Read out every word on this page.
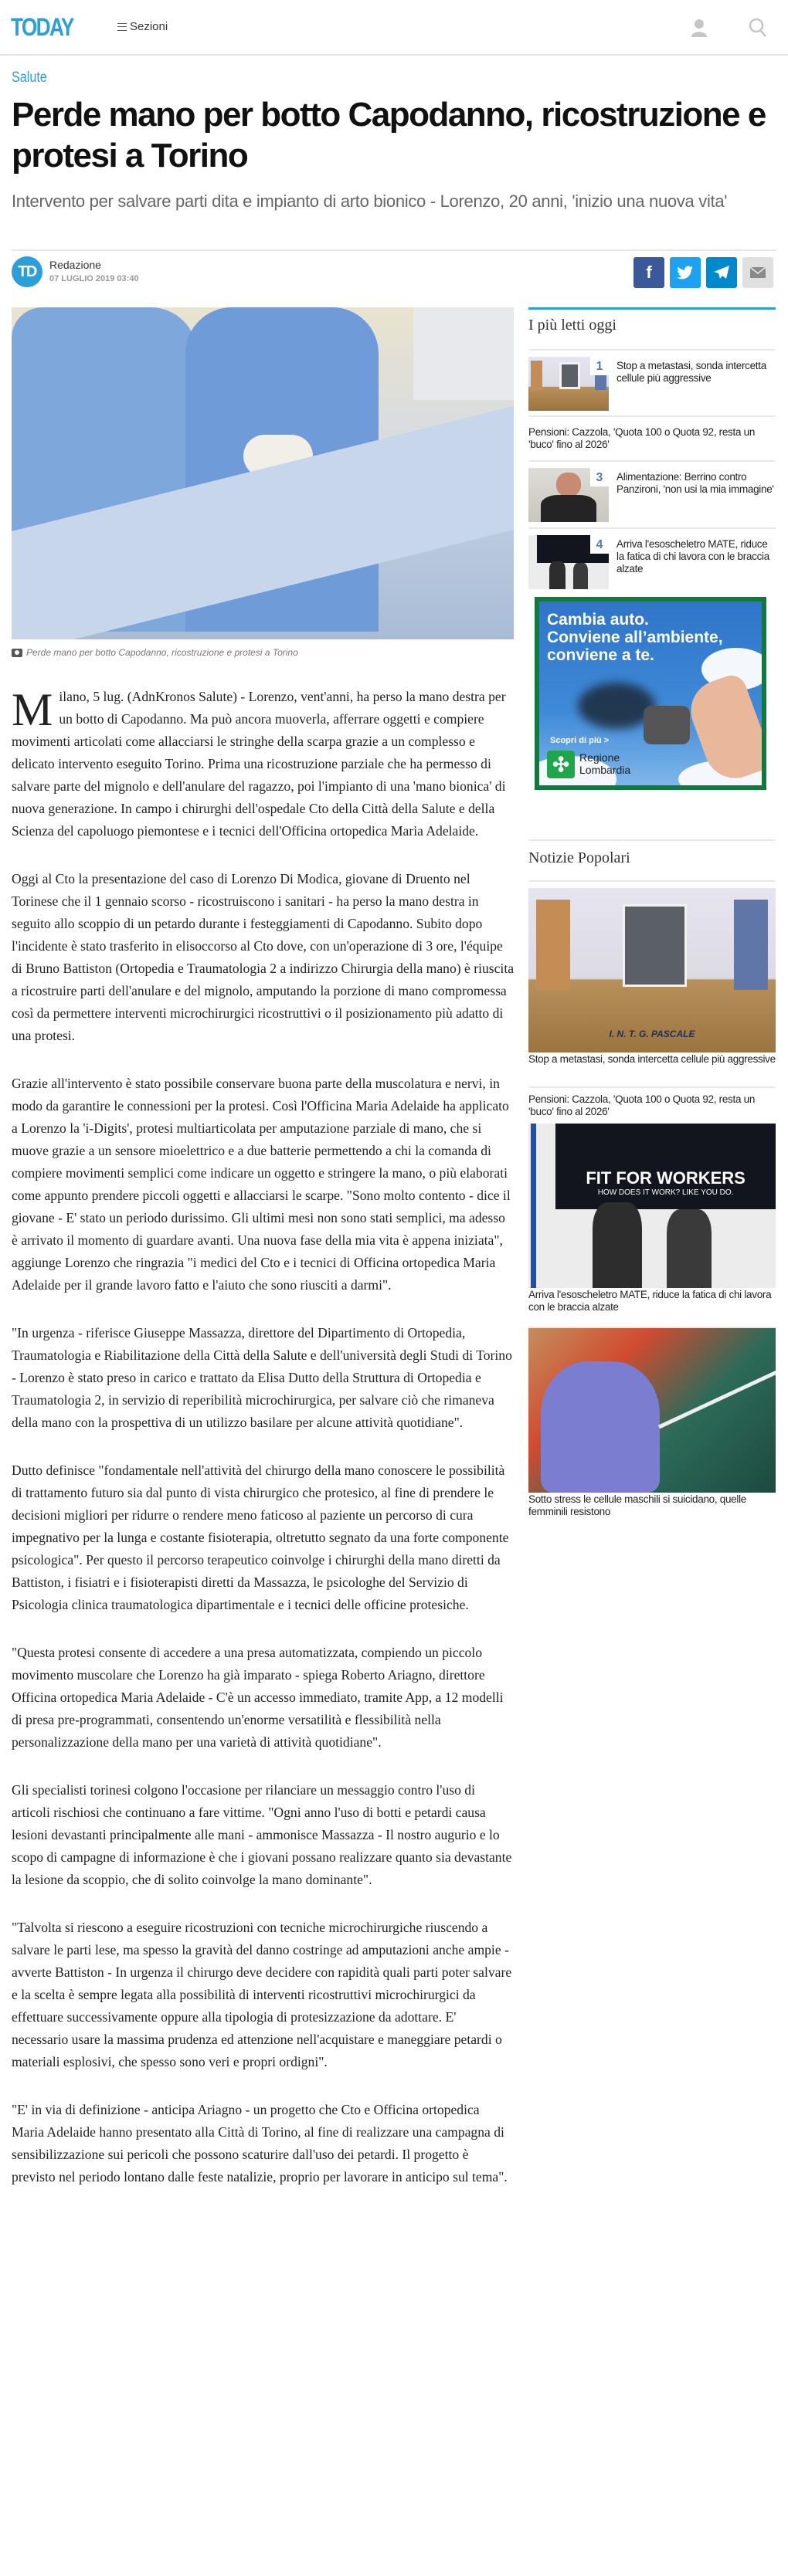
TODAY	Sezioni
Salute
Perde mano per botto Capodanno, ricostruzione e protesi a Torino
Intervento per salvare parti dita e impianto di arto bionico - Lorenzo, 20 anni, 'inizio una nuova vita'
TD	Redazione
07 LUGLIO 2019 03:40	f
Perde mano per botto Capodanno, ricostruzione e protesi a Torino

Milano, 5 lug. (AdnKronos Salute) - Lorenzo, vent'anni, ha perso la mano destra per un botto di Capodanno. Ma può ancora muoverla, afferrare oggetti e compiere movimenti articolati come allacciarsi le stringhe della scarpa grazie a un complesso e delicato intervento eseguito Torino. Prima una ricostruzione parziale che ha permesso di salvare parte del mignolo e dell'anulare del ragazzo, poi l'impianto di una 'mano bionica' di nuova generazione. In campo i chirurghi dell'ospedale Cto della Città della Salute e della Scienza del capoluogo piemontese e i tecnici dell'Officina ortopedica Maria Adelaide.

Oggi al Cto la presentazione del caso di Lorenzo Di Modica, giovane di Druento nel Torinese che il 1 gennaio scorso - ricostruiscono i sanitari - ha perso la mano destra in seguito allo scoppio di un petardo durante i festeggiamenti di Capodanno. Subito dopo l'incidente è stato trasferito in elisoccorso al Cto dove, con un'operazione di 3 ore, l'équipe di Bruno Battiston (Ortopedia e Traumatologia 2 a indirizzo Chirurgia della mano) è riuscita a ricostruire parti dell'anulare e del mignolo, amputando la porzione di mano compromessa così da permettere interventi microchirurgici ricostruttivi o il posizionamento più adatto di una protesi.

Grazie all'intervento è stato possibile conservare buona parte della muscolatura e nervi, in modo da garantire le connessioni per la protesi. Così l'Officina Maria Adelaide ha applicato a Lorenzo la 'i-Digits', protesi multiarticolata per amputazione parziale di mano, che si muove grazie a un sensore mioelettrico e a due batterie permettendo a chi la comanda di compiere movimenti semplici come indicare un oggetto e stringere la mano, o più elaborati come appunto prendere piccoli oggetti e allacciarsi le scarpe. "Sono molto contento - dice il giovane - E' stato un periodo durissimo. Gli ultimi mesi non sono stati semplici, ma adesso è arrivato il momento di guardare avanti. Una nuova fase della mia vita è appena iniziata", aggiunge Lorenzo che ringrazia "i medici del Cto e i tecnici di Officina ortopedica Maria Adelaide per il grande lavoro fatto e l'aiuto che sono riusciti a darmi".

"In urgenza - riferisce Giuseppe Massazza, direttore del Dipartimento di Ortopedia, Traumatologia e Riabilitazione della Città della Salute e dell'università degli Studi di Torino - Lorenzo è stato preso in carico e trattato da Elisa Dutto della Struttura di Ortopedia e Traumatologia 2, in servizio di reperibilità microchirurgica, per salvare ciò che rimaneva della mano con la prospettiva di un utilizzo basilare per alcune attività quotidiane".

Dutto definisce "fondamentale nell'attività del chirurgo della mano conoscere le possibilità di trattamento futuro sia dal punto di vista chirurgico che protesico, al fine di prendere le decisioni migliori per ridurre o rendere meno faticoso al paziente un percorso di cura impegnativo per la lunga e costante fisioterapia, oltretutto segnato da una forte componente psicologica". Per questo il percorso terapeutico coinvolge i chirurghi della mano diretti da Battiston, i fisiatri e i fisioterapisti diretti da Massazza, le psicologhe del Servizio di Psicologia clinica traumatologica dipartimentale e i tecnici delle officine protesiche.

"Questa protesi consente di accedere a una presa automatizzata, compiendo un piccolo movimento muscolare che Lorenzo ha già imparato - spiega Roberto Ariagno, direttore Officina ortopedica Maria Adelaide - C'è un accesso immediato, tramite App, a 12 modelli di presa pre-programmati, consentendo un'enorme versatilità e flessibilità nella personalizzazione della mano per una varietà di attività quotidiane".

Gli specialisti torinesi colgono l'occasione per rilanciare un messaggio contro l'uso di articoli rischiosi che continuano a fare vittime. "Ogni anno l'uso di botti e petardi causa lesioni devastanti principalmente alle mani - ammonisce Massazza - Il nostro augurio e lo scopo di campagne di informazione è che i giovani possano realizzare quanto sia devastante la lesione da scoppio, che di solito coinvolge la mano dominante".

"Talvolta si riescono a eseguire ricostruzioni con tecniche microchirurgiche riuscendo a salvare le parti lese, ma spesso la gravità del danno costringe ad amputazioni anche ampie - avverte Battiston - In urgenza il chirurgo deve decidere con rapidità quali parti poter salvare e la scelta è sempre legata alla possibilità di interventi ricostruttivi microchirurgici da effettuare successivamente oppure alla tipologia di protesizzazione da adottare. E' necessario usare la massima prudenza ed attenzione nell'acquistare e maneggiare petardi o materiali esplosivi, che spesso sono veri e propri ordigni".

"E' in via di definizione - anticipa Ariagno - un progetto che Cto e Officina ortopedica Maria Adelaide hanno presentato alla Città di Torino, al fine di realizzare una campagna di sensibilizzazione sui pericoli che possono scaturire dall'uso dei petardi. Il progetto è previsto nel periodo lontano dalle feste natalizie, proprio per lavorare in anticipo sul tema".

I più letti oggi
1	Stop a metastasi, sonda intercetta cellule più aggressive
Pensioni: Cazzola, 'Quota 100 o Quota 92, resta un 'buco' fino al 2026'
3	Alimentazione: Berrino contro Panzironi, 'non usi la mia immagine'
4	Arriva l'esoscheletro MATE, riduce la fatica di chi lavora con le braccia alzate
Cambia auto.
Conviene all’ambiente,
conviene a te.
Scopri di più >
✣ Regione
Lombardia
Notizie Popolari
I. N. T. G. PASCALE
Stop a metastasi, sonda intercetta cellule più aggressive
Pensioni: Cazzola, 'Quota 100 o Quota 92, resta un 'buco' fino al 2026'
FIT FOR WORKERS
HOW DOES IT WORK? LIKE YOU DO.
Arriva l'esoscheletro MATE, riduce la fatica di chi lavora con le braccia alzate
Sotto stress le cellule maschili si suicidano, quelle femminili resistono
